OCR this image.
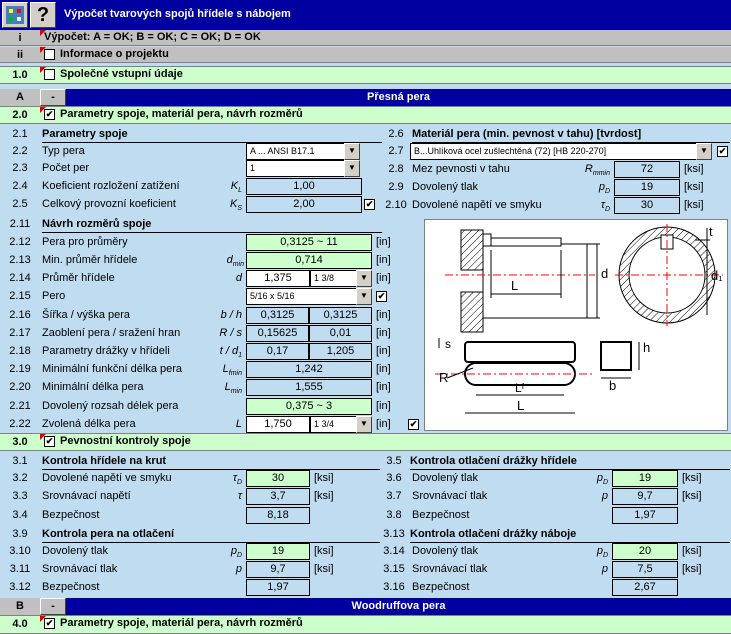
?	Výpočet tvarových spojů hřídele s nábojem
i	Výpočet: A = OK; B = OK; C = OK; D = OK
ii	Informace o projektu
1.0	Společné vstupní údaje
A	-	Přesná pera
2.0	✔ Parametry spoje, materiál pera, návrh rozměrů
2.1	Parametry spoje
2.2	Typ pera	A ... ANSI B17.1	▼
2.3	Počet per	1	▼
2.4	Koeficient rozložení zatížení	$K_L$	1,00
2.5	Celkový provozní koeficient	$K_S$	2,00	✔
2.6 Materiál pera (min. pevnost v tahu) [tvrdost]
2.7	B...Uhlíková ocel zušlechtěná (72) [HB 220-270]	▼	✔
2.8 Mez pevnosti v tahu	$R_{mmin}$	72	[ksi]
2.9 Dovolený tlak	$p_D$	19	[ksi]
2.10 Dovolené napětí ve smyku	$\tau_D$	30	[ksi]
2.11	Návrh rozměrů spoje
2.12	Pera pro průměry	0,3125 ~ 11	[in]
2.13	Min. průměr hřídele	$d_{min}$	0,714	[in]
2.14	Průměr hřídele	d	1,375	1 3/8	▼ [in]
2.15	Pero	5/16 x 5/16	▼	✔
2.16	Šířka / výška pera	b / h	0,3125	0,3125	[in]
2.17	Zaoblení pera / sražení hran	R / s	0,15625	0,01	[in]
2.18	Parametry drážky v hřídeli	t / $d_1$	0,17	1,205	[in]
2.19	Minimální funkční délka pera	$L_{fmin}$	1,242	[in]
2.20	Minimální délka pera	$L_{min}$	1,555	[in]
2.21	Dovolený rozsah délek pera	0,375 ~ 3	[in]
2.22	Zvolená délka pera	L	1,750	1 3/4	▼ [in] ✔
d
L
t
d₁
s
R
Lᶠ
L
h
b
3.0	✔ Pevnostní kontroly spoje
3.1	Kontrola hřídele na krut
3.2	Dovolené napětí ve smyku	$\tau_D$	30	[ksi]
3.3	Srovnávací napětí	τ	3,7	[ksi]
3.4	Bezpečnost	8,18
3.9	Kontrola pera na otlačení
3.10	Dovolený tlak	$p_D$	19	[ksi]
3.11	Srovnávací tlak	p	9,7	[ksi]
3.12	Bezpečnost	1,97
3.5 Kontrola otlačení drážky hřídele
3.6 Dovolený tlak	$p_D$	19	[ksi]
3.7 Srovnávací tlak	p	9,7	[ksi]
3.8 Bezpečnost	1,97
3.13 Kontrola otlačení drážky náboje
3.14 Dovolený tlak	$p_D$	20	[ksi]
3.15 Srovnávací tlak	p	7,5	[ksi]
3.16 Bezpečnost	2,67
B	-	Woodruffova pera
4.0	✔ Parametry spoje, materiál pera, návrh rozměrů
